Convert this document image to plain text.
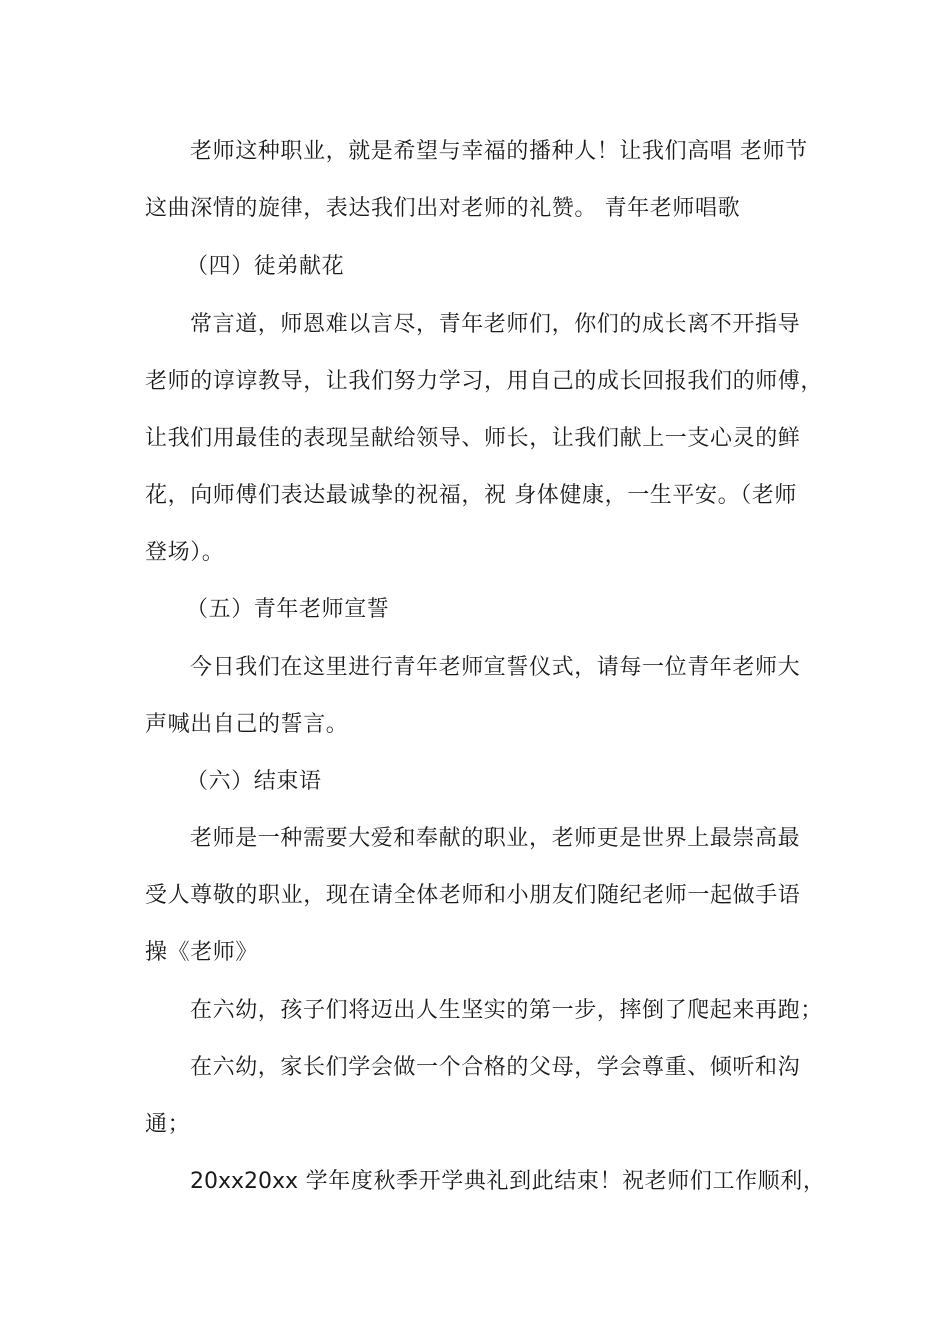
老师这种职业，就是希望与幸福的播种人！让我们高唱 老师节
这曲深情的旋律，表达我们出对老师的礼赞。 青年老师唱歌
（四）徒弟献花
常言道，师恩难以言尽，青年老师们，你们的成长离不开指导
老师的谆谆教导，让我们努力学习，用自己的成长回报我们的师傅，
让我们用最佳的表现呈献给领导、师长，让我们献上一支心灵的鲜
花，向师傅们表达最诚挚的祝福，祝 身体健康，一生平安。（老师
登场）。
（五）青年老师宣誓
今日我们在这里进行青年老师宣誓仪式，请每一位青年老师大
声喊出自己的誓言。
（六）结束语
老师是一种需要大爱和奉献的职业，老师更是世界上最崇高最
受人尊敬的职业，现在请全体老师和小朋友们随纪老师一起做手语
操《老师》
在六幼，孩子们将迈出人生坚实的第一步，摔倒了爬起来再跑；
在六幼，家长们学会做一个合格的父母，学会尊重、倾听和沟
通；
20xx20xx 学年度秋季开学典礼到此结束！祝老师们工作顺利，
